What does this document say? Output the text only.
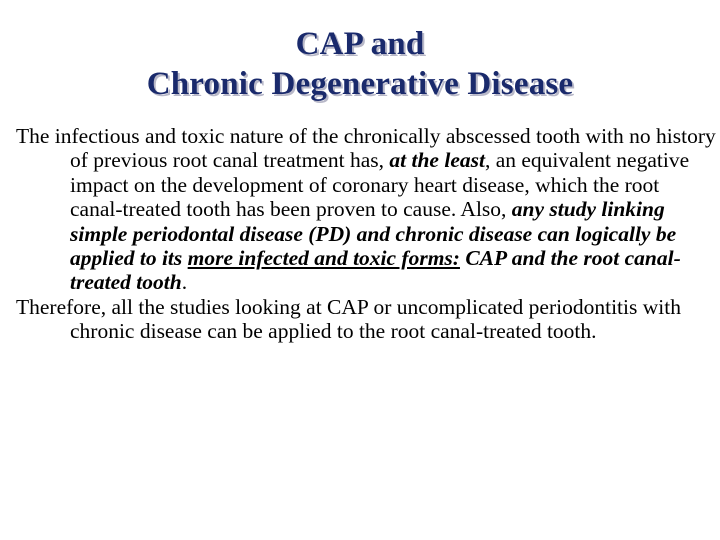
CAP and
Chronic Degenerative Disease

The infectious and toxic nature of the chronically abscessed tooth with no history of previous root canal treatment has, at the least, an equivalent negative impact on the development of coronary heart disease, which the root canal-treated tooth has been proven to cause. Also, any study linking simple periodontal disease (PD) and chronic disease can logically be applied to its more infected and toxic forms: CAP and the root canal-treated tooth.

Therefore, all the studies looking at CAP or uncomplicated periodontitis with chronic disease can be applied to the root canal-treated tooth.
